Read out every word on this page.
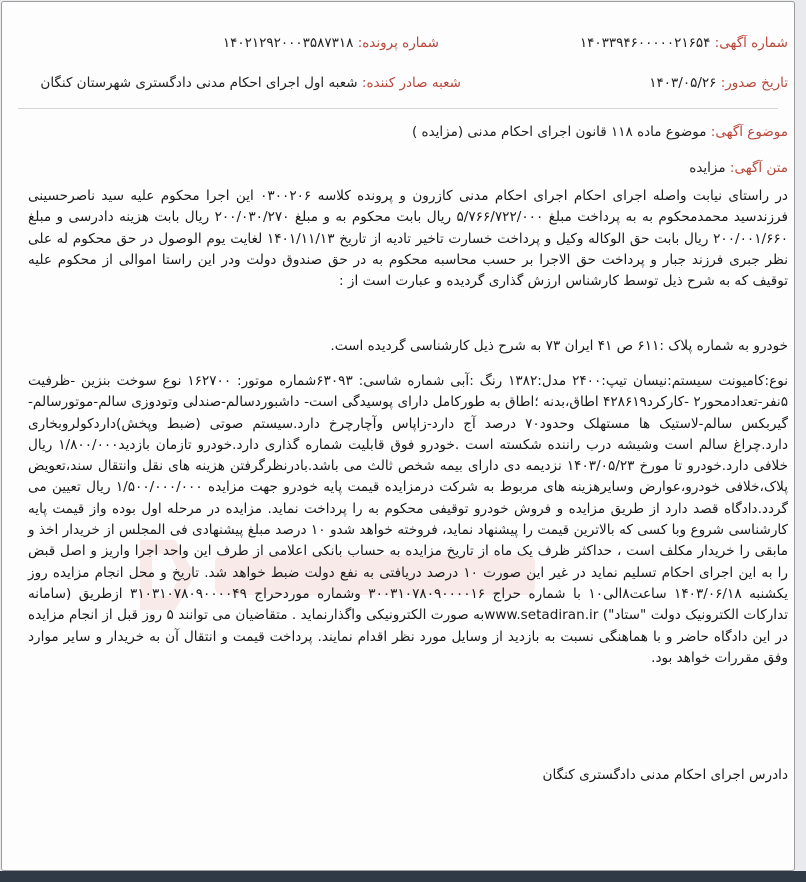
شماره آگهی: ۱۴۰۳۳۹۴۶۰۰۰۰۰۲۱۶۵۴
شماره پرونده: ۱۴۰۲۱۲۹۲۰۰۰۳۵۸۷۳۱۸
تاریخ صدور: ۱۴۰۳/۰۵/۲۶
شعبه صادر کننده: شعبه اول اجرای احکام مدنی دادگستری شهرستان کنگان
موضوع آگهی: موضوع ماده ۱۱۸ قانون اجرای احکام مدنی (مزایده )
متن آگهی: مزایده

در راستای نیابت واصله اجرای احکام اجرای احکام مدنی کازرون و پرونده کلاسه ۰۳۰۰۲۰۶ این اجرا محکوم علیه سید ناصرحسینی فرزندسید محمدمحکوم به به پرداخت مبلغ ۵/۷۶۶/۷۲۲/۰۰۰ ریال بابت محکوم به و مبلغ ۲۰۰/۰۳۰/۲۷۰ ریال بابت هزینه دادرسی و مبلغ ۲۰۰/۰۰۱/۶۶۰ ریال بابت حق الوکاله وکیل و پرداخت خسارت تاخیر تادیه از تاریخ ۱۴۰۱/۱۱/۱۳ لغایت یوم الوصول در حق محکوم له علی نظر جبری فرزند جبار و پرداخت حق الاجرا بر حسب محاسبه محکوم به در حق صندوق دولت ودر این راستا اموالی از محکوم علیه توقیف که به شرح ذیل توسط کارشناس ارزش گذاری گردیده و عبارت است از :

خودرو به شماره پلاک :۶۱۱ ص ۴۱ ایران ۷۳ به شرح ذیل کارشناسی گردیده است.

نوع:کامیونت سیستم:نیسان تیپ:۲۴۰۰ مدل:۱۳۸۲ رنگ :آبی شماره شاسی: ۶۳۰۹۳شماره موتور: ۱۶۲۷۰۰ نوع سوخت بنزین -ظرفیت ۵نفر-تعدادمحور۲ -کارکرد۴۲۸۶۱۹ اطاق،بدنه ؛اطاق به طورکامل دارای پوسیدگی است- داشبوردسالم-صندلی وتودوزی سالم-موتورسالم-گیربکس سالم-لاستیک ها مستهلک وحدود۷۰ درصد آج دارد-زاپاس وآچارچرخ دارد.سیستم صوتی (ضبط وپخش)داردکولروبخاری دارد.چراغ سالم است وشیشه درب راننده شکسته است .خودرو فوق قابلیت شماره گذاری دارد.خودرو تازمان بازدید۱/۸۰۰/۰۰۰ ریال خلافی دارد.خودرو تا مورخ ۱۴۰۳/۰۵/۲۳ نزدیمه دی دارای بیمه شخص ثالث می باشد.بادرنظرگرفتن هزینه های نقل وانتقال سند،تعویض پلاک،خلافی خودرو،عوارض وسایرهزینه های مربوط به شرکت درمزایده قیمت پایه خودرو جهت مزایده ۱/۵۰۰/۰۰۰/۰۰۰ ریال تعیین می گردد.دادگاه قصد دارد از طریق مزایده و فروش خودرو توقیفی محکوم به را پرداخت نماید. مزایده در مرحله اول بوده واز قیمت پایه کارشناسی شروع وبا کسی که بالاترین قیمت را پیشنهاد نماید، فروخته خواهد شدو ۱۰ درصد مبلغ پیشنهادی فی المجلس از خریدار اخذ و مابقی را خریدار مکلف است ، حداکثر ظرف یک ماه از تاریخ مزایده به حساب بانکی اعلامی از طرف این واحد اجرا واریز و اصل قبض را به این اجرای احکام تسلیم نماید در غیر این صورت ۱۰ درصد دریافتی به نفع دولت ضبط خواهد شد. تاریخ و محل انجام مزایده روز یکشنبه ۱۴۰۳/۰۶/۱۸ ساعت۸الی۱۰ با شماره حراج ۳۰۰۳۱۰۷۸۰۹۰۰۰۰۱۶ وشماره موردحراج ۳۱۰۳۱۰۷۸۰۹۰۰۰۰۴۹ ازطریق (سامانه تدارکات الکترونیک دولت "ستاد") www.setadiran.irبه صورت الکترونیکی واگذارنماید . متقاضیان می توانند ۵ روز قبل از انجام مزایده در این دادگاه حاضر و با هماهنگی نسبت به بازدید از وسایل مورد نظر اقدام نمایند. پرداخت قیمت و انتقال آن به خریدار و سایر موارد وفق مقررات خواهد بود.

دادرس اجرای احکام مدنی دادگستری کنگان
